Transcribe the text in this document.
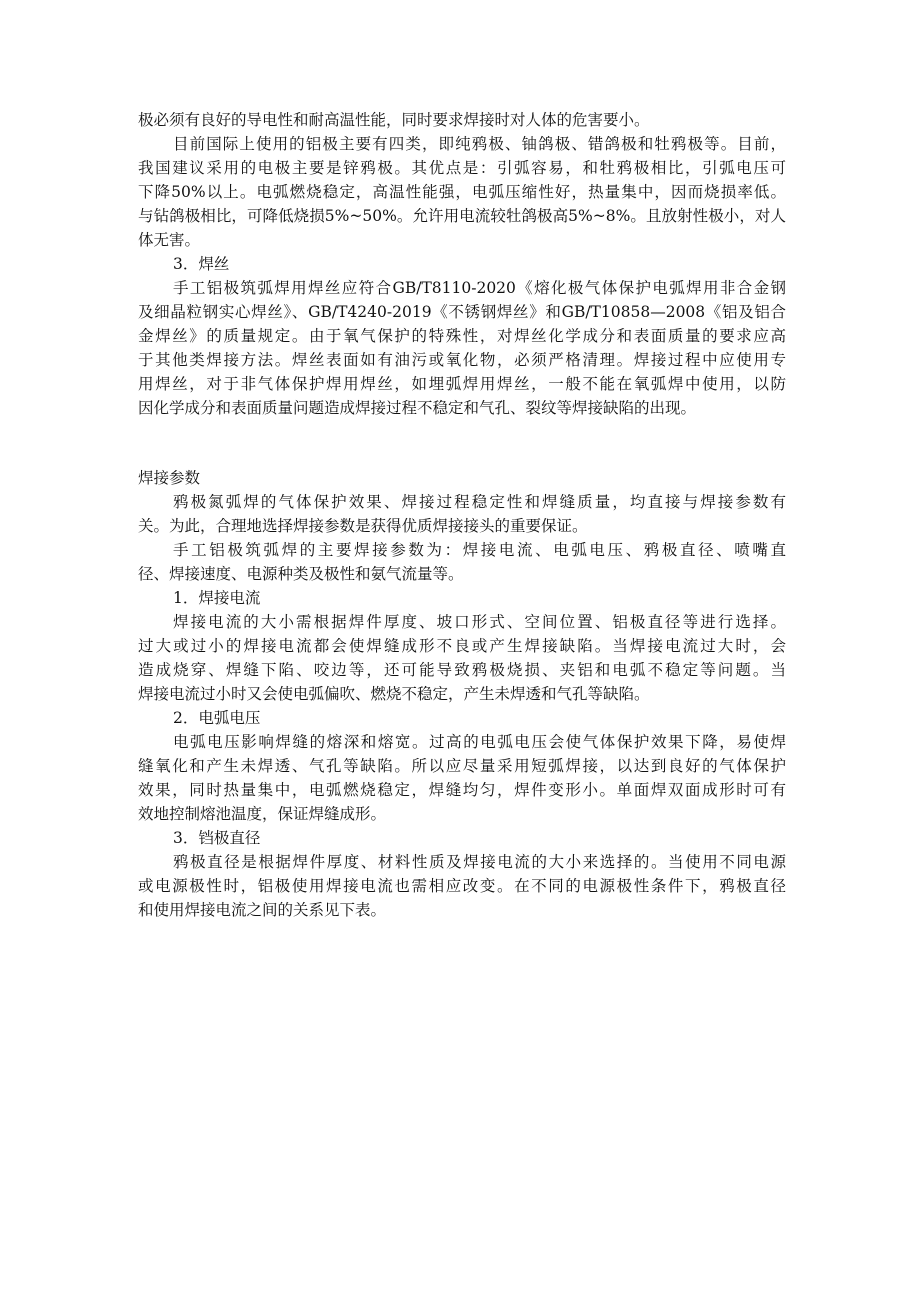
极必须有良好的导电性和耐高温性能，同时要求焊接时对人体的危害要小。
目前国际上使用的铝极主要有四类，即纯鸦极、铀鸽极、错鸽极和牡鸦极等。目前，
我国建议采用的电极主要是锌鸦极。其优点是：引弧容易，和牡鸦极相比，引弧电压可
下降50%以上。电弧燃烧稳定，高温性能强，电弧压缩性好，热量集中，因而烧损率低。
与钻鸽极相比，可降低烧损5%~50%。允许用电流较牡鸽极高5%~8%。且放射性极小，对人
体无害。
3．焊丝
手工铝极筑弧焊用焊丝应符合GB/T8110-2020《熔化极气体保护电弧焊用非合金钢
及细晶粒钢实心焊丝》、GB/T4240-2019《不锈钢焊丝》和GB/T10858—2008《铝及铝合
金焊丝》的质量规定。由于氧气保护的特殊性，对焊丝化学成分和表面质量的要求应高
于其他类焊接方法。焊丝表面如有油污或氧化物，必须严格清理。焊接过程中应使用专
用焊丝，对于非气体保护焊用焊丝，如埋弧焊用焊丝，一般不能在氧弧焊中使用，以防
因化学成分和表面质量问题造成焊接过程不稳定和气孔、裂纹等焊接缺陷的出现。
焊接参数
鸦极氮弧焊的气体保护效果、焊接过程稳定性和焊缝质量，均直接与焊接参数有
关。为此，合理地选择焊接参数是获得优质焊接接头的重要保证。
手工铝极筑弧焊的主要焊接参数为：焊接电流、电弧电压、鸦极直径、喷嘴直
径、焊接速度、电源种类及极性和氨气流量等。
1．焊接电流
焊接电流的大小需根据焊件厚度、坡口形式、空间位置、铝极直径等进行选择。
过大或过小的焊接电流都会使焊缝成形不良或产生焊接缺陷。当焊接电流过大时，会
造成烧穿、焊缝下陷、咬边等，还可能导致鸦极烧损、夹铝和电弧不稳定等问题。当
焊接电流过小时又会使电弧偏吹、燃烧不稳定，产生未焊透和气孔等缺陷。
2．电弧电压
电弧电压影响焊缝的熔深和熔宽。过高的电弧电压会使气体保护效果下降，易使焊
缝氧化和产生未焊透、气孔等缺陷。所以应尽量采用短弧焊接，以达到良好的气体保护
效果，同时热量集中，电弧燃烧稳定，焊缝均匀，焊件变形小。单面焊双面成形时可有
效地控制熔池温度，保证焊缝成形。
3．铛极直径
鸦极直径是根据焊件厚度、材料性质及焊接电流的大小来选择的。当使用不同电源
或电源极性时，铝极使用焊接电流也需相应改变。在不同的电源极性条件下，鸦极直径
和使用焊接电流之间的关系见下表。
